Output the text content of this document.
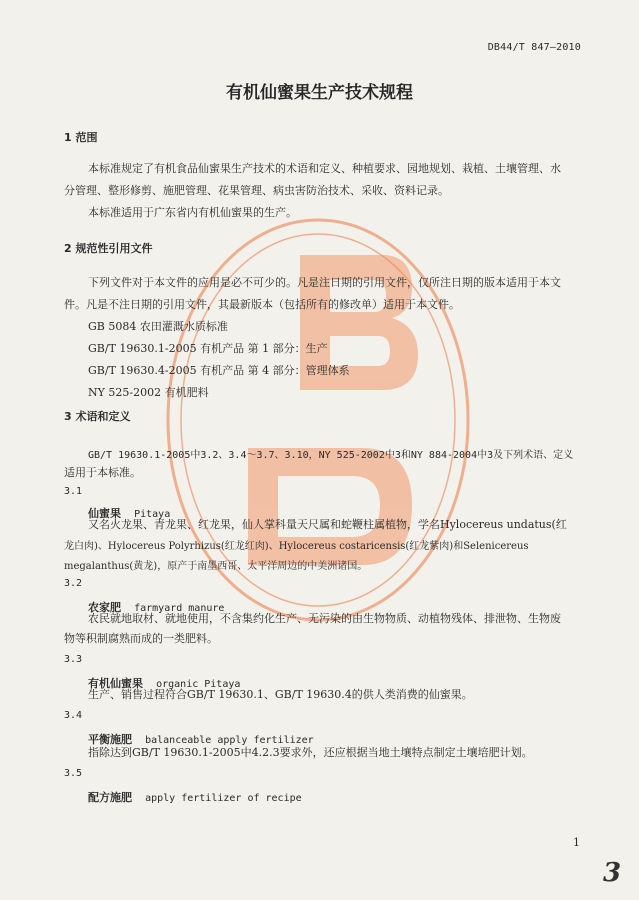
DB44/T 847—2010
有机仙蜜果生产技术规程
1 范围
本标准规定了有机食品仙蜜果生产技术的术语和定义、种植要求、园地规划、栽植、土壤管理、水
分管理、整形修剪、施肥管理、花果管理、病虫害防治技术、采收、资料记录。
本标准适用于广东省内有机仙蜜果的生产。
2 规范性引用文件
下列文件对于本文件的应用是必不可少的。凡是注日期的引用文件，仅所注日期的版本适用于本文
件。凡是不注日期的引用文件，其最新版本（包括所有的修改单）适用于本文件。
GB 5084 农田灌溉水质标准
GB/T 19630.1-2005 有机产品 第 1 部分：生产
GB/T 19630.4-2005 有机产品 第 4 部分：管理体系
NY 525-2002 有机肥料
3 术语和定义
GB/T 19630.1-2005中3.2、3.4～3.7、3.10，NY 525-2002中3和NY 884-2004中3及下列术语、定义
适用于本标准。
3.1
仙蜜果 Pitaya
又名火龙果、青龙果、红龙果，仙人掌科量天尺属和蛇鞭柱属植物，学名Hylocereus undatus(红
龙白肉)、Hylocereus Polyrhizus(红龙红肉)、Hylocereus costaricensis(红龙紫肉)和Selenicereus
megalanthus(黄龙)，原产于南墨西哥、太平洋周边的中美洲诸国。
3.2
农家肥 farmyard manure
农民就地取材、就地使用，不含集约化生产、无污染的由生物物质、动植物残体、排泄物、生物废
物等积制腐熟而成的一类肥料。
3.3
有机仙蜜果 organic Pitaya
生产、销售过程符合GB/T 19630.1、GB/T 19630.4的供人类消费的仙蜜果。
3.4
平衡施肥 balanceable apply fertilizer
指除达到GB/T 19630.1-2005中4.2.3要求外，还应根据当地土壤特点制定土壤培肥计划。
3.5
配方施肥 apply fertilizer of recipe
1
3
